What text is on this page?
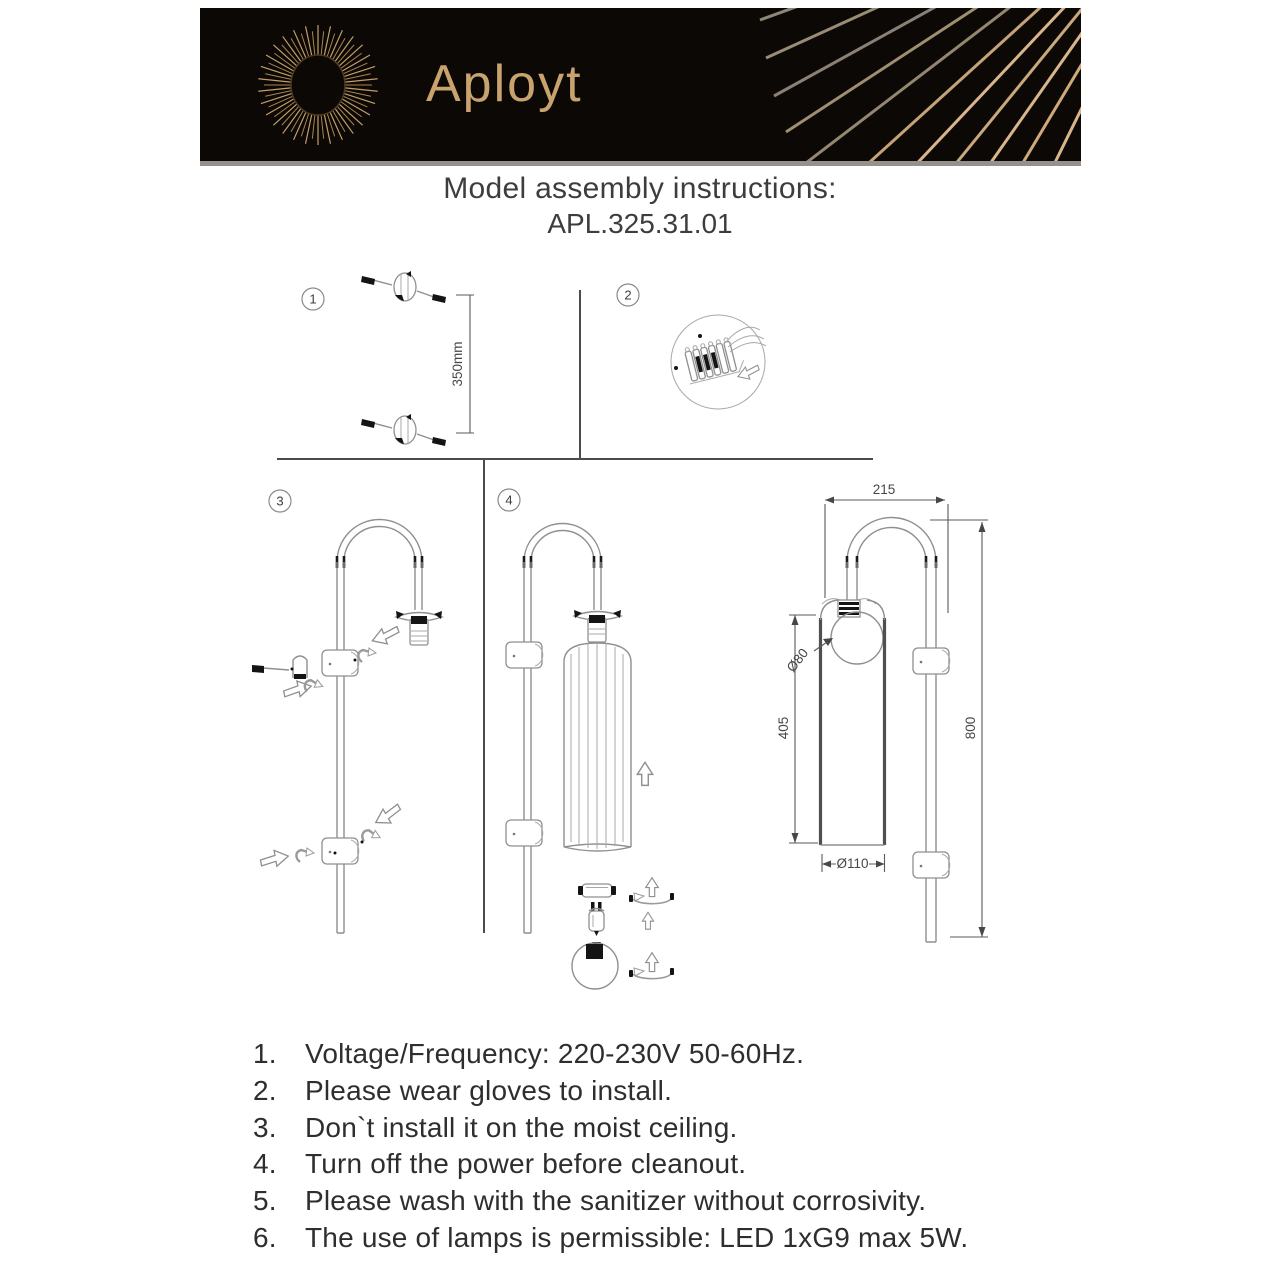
Aployt
Model assembly instructions:
APL.325.31.01
1
350mm
2
3	4
215
800
405
Ø80
Ø110
1.	Voltage/Frequency: 220-230V 50-60Hz.
2.	Please wear gloves to install.
3.	Don`t install it on the moist ceiling.
4.	Turn off the power before cleanout.
5.	Please wash with the sanitizer without corrosivity.
6.	The use of lamps is permissible: LED 1xG9 max 5W.
